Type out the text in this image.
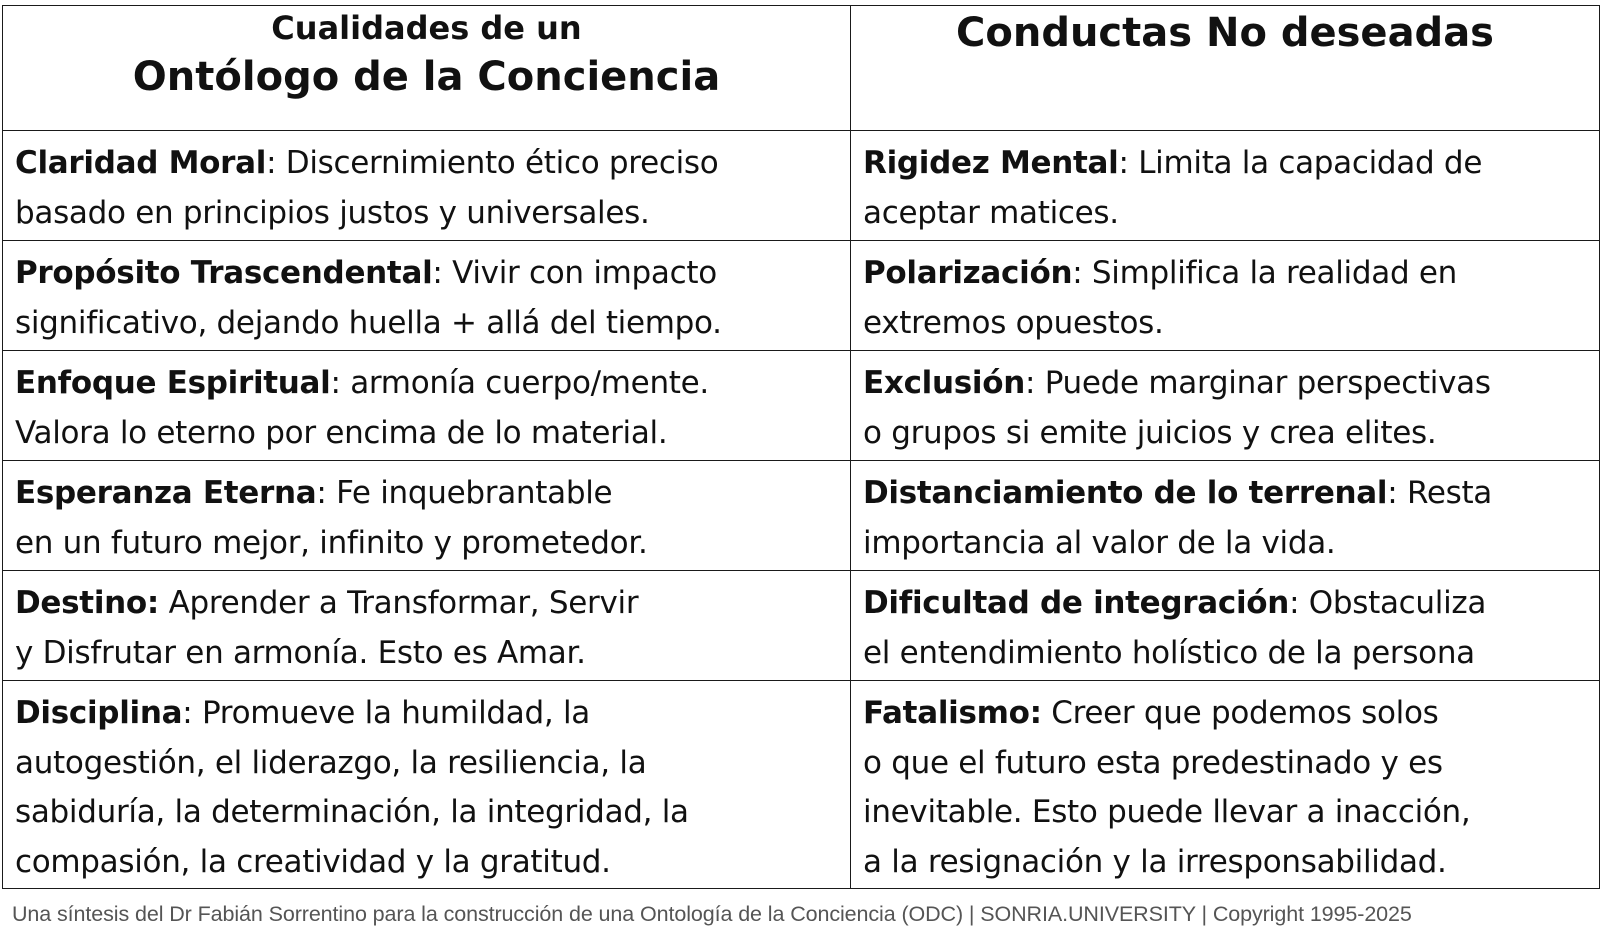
Cualidades de un
Ontólogo de la Conciencia	Conductas No deseadas

Claridad Moral: Discernimiento ético preciso
basado en principios justos y universales.	Rigidez Mental: Limita la capacidad de
aceptar matices.

Propósito Trascendental: Vivir con impacto
significativo, dejando huella + allá del tiempo.	Polarización: Simplifica la realidad en
extremos opuestos.

Enfoque Espiritual: armonía cuerpo/mente.
Valora lo eterno por encima de lo material.	Exclusión: Puede marginar perspectivas
o grupos si emite juicios y crea elites.

Esperanza Eterna: Fe inquebrantable
en un futuro mejor, infinito y prometedor.	Distanciamiento de lo terrenal: Resta
importancia al valor de la vida.

Destino: Aprender a Transformar, Servir
y Disfrutar en armonía. Esto es Amar.	Dificultad de integración: Obstaculiza
el entendimiento holístico de la persona

Disciplina: Promueve la humildad, la
autogestión, el liderazgo, la resiliencia, la
sabiduría, la determinación, la integridad, la
compasión, la creatividad y la gratitud.	Fatalismo: Creer que podemos solos
o que el futuro esta predestinado y es
inevitable. Esto puede llevar a inacción,
a la resignación y la irresponsabilidad.
Una síntesis del Dr Fabián Sorrentino para la construcción de una Ontología de la Conciencia (ODC) | SONRIA.UNIVERSITY | Copyright 1995-2025
